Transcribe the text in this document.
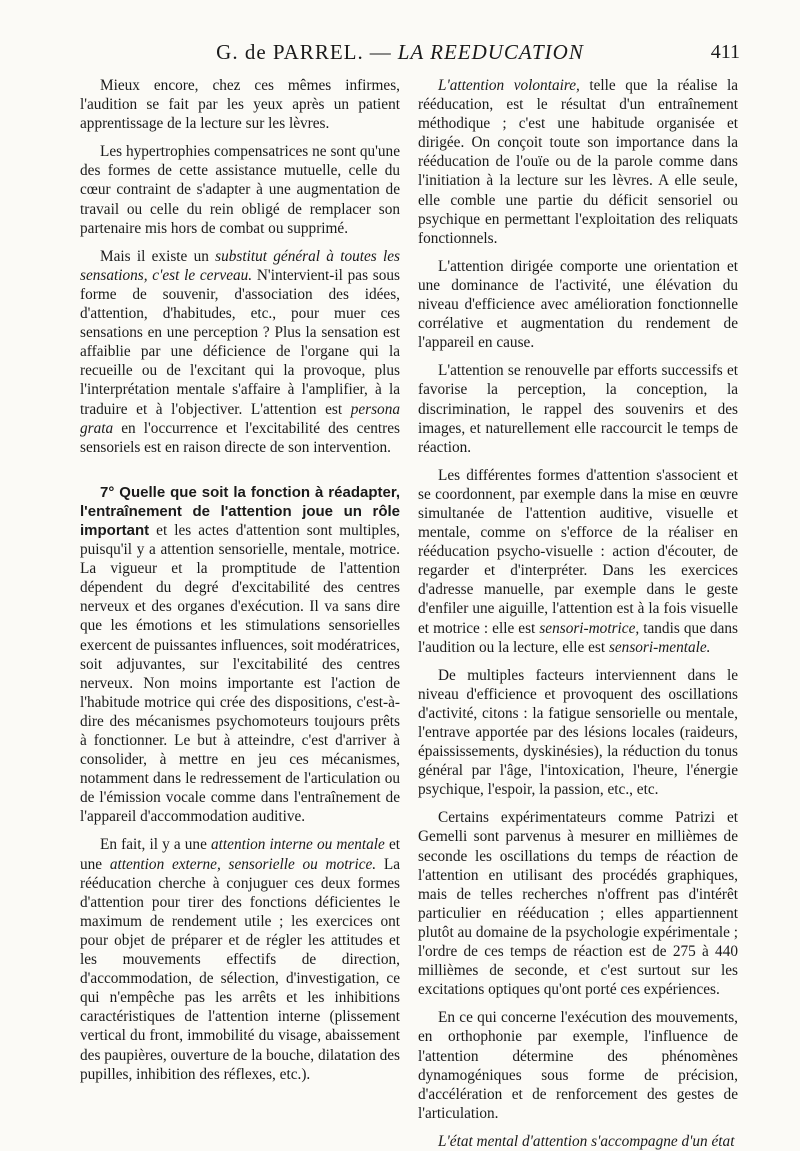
G. de PARREL. — LA REEDUCATION	411

Mieux encore, chez ces mêmes infirmes, l'audition se fait par les yeux après un patient apprentissage de la lecture sur les lèvres.

Les hypertrophies compensatrices ne sont qu'une des formes de cette assistance mutuelle, celle du cœur contraint de s'adapter à une augmentation de travail ou celle du rein obligé de remplacer son partenaire mis hors de combat ou supprimé.

Mais il existe un substitut général à toutes les sensations, c'est le cerveau. N'intervient-il pas sous forme de souvenir, d'association des idées, d'attention, d'habitudes, etc., pour muer ces sensations en une perception ? Plus la sensation est affaiblie par une déficience de l'organe qui la recueille ou de l'excitant qui la provoque, plus l'interprétation mentale s'affaire à l'amplifier, à la traduire et à l'objectiver. L'attention est persona grata en l'occurrence et l'excitabilité des centres sensoriels est en raison directe de son intervention.

7° Quelle que soit la fonction à réadapter, l'entraînement de l'attention joue un rôle important et les actes d'attention sont multiples, puisqu'il y a attention sensorielle, mentale, motrice. La vigueur et la promptitude de l'attention dépendent du degré d'excitabilité des centres nerveux et des organes d'exécution. Il va sans dire que les émotions et les stimulations sensorielles exercent de puissantes influences, soit modératrices, soit adjuvantes, sur l'excitabilité des centres nerveux. Non moins importante est l'action de l'habitude motrice qui crée des dispositions, c'est-à-dire des mécanismes psychomoteurs toujours prêts à fonctionner. Le but à atteindre, c'est d'arriver à consolider, à mettre en jeu ces mécanismes, notamment dans le redressement de l'articulation ou de l'émission vocale comme dans l'entraînement de l'appareil d'accommodation auditive.

En fait, il y a une attention interne ou mentale et une attention externe, sensorielle ou motrice. La rééducation cherche à conjuguer ces deux formes d'attention pour tirer des fonctions déficientes le maximum de rendement utile ; les exercices ont pour objet de préparer et de régler les attitudes et les mouvements effectifs de direction, d'accommodation, de sélection, d'investigation, ce qui n'empêche pas les arrêts et les inhibitions caractéristiques de l'attention interne (plissement vertical du front, immobilité du visage, abaissement des paupières, ouverture de la bouche, dilatation des pupilles, inhibition des réflexes, etc.).

L'attention volontaire, telle que la réalise la rééducation, est le résultat d'un entraînement méthodique ; c'est une habitude organisée et dirigée. On conçoit toute son importance dans la rééducation de l'ouïe ou de la parole comme dans l'initiation à la lecture sur les lèvres. A elle seule, elle comble une partie du déficit sensoriel ou psychique en permettant l'exploitation des reliquats fonctionnels.

L'attention dirigée comporte une orientation et une dominance de l'activité, une élévation du niveau d'efficience avec amélioration fonctionnelle corrélative et augmentation du rendement de l'appareil en cause.

L'attention se renouvelle par efforts successifs et favorise la perception, la conception, la discrimination, le rappel des souvenirs et des images, et naturellement elle raccourcit le temps de réaction.

Les différentes formes d'attention s'associent et se coordonnent, par exemple dans la mise en œuvre simultanée de l'attention auditive, visuelle et mentale, comme on s'efforce de la réaliser en rééducation psycho-visuelle : action d'écouter, de regarder et d'interpréter. Dans les exercices d'adresse manuelle, par exemple dans le geste d'enfiler une aiguille, l'attention est à la fois visuelle et motrice : elle est sensori-motrice, tandis que dans l'audition ou la lecture, elle est sensori-mentale.

De multiples facteurs interviennent dans le niveau d'efficience et provoquent des oscillations d'activité, citons : la fatigue sensorielle ou mentale, l'entrave apportée par des lésions locales (raideurs, épaississements, dyskinésies), la réduction du tonus général par l'âge, l'intoxication, l'heure, l'énergie psychique, l'espoir, la passion, etc., etc.

Certains expérimentateurs comme Patrizi et Gemelli sont parvenus à mesurer en millièmes de seconde les oscillations du temps de réaction de l'attention en utilisant des procédés graphiques, mais de telles recherches n'offrent pas d'intérêt particulier en rééducation ; elles appartiennent plutôt au domaine de la psychologie expérimentale ; l'ordre de ces temps de réaction est de 275 à 440 millièmes de seconde, et c'est surtout sur les excitations optiques qu'ont porté ces expériences.

En ce qui concerne l'exécution des mouvements, en orthophonie par exemple, l'influence de l'attention détermine des phénomènes dynamogéniques sous forme de précision, d'accélération et de renforcement des gestes de l'articulation.

L'état mental d'attention s'accompagne d'un état
